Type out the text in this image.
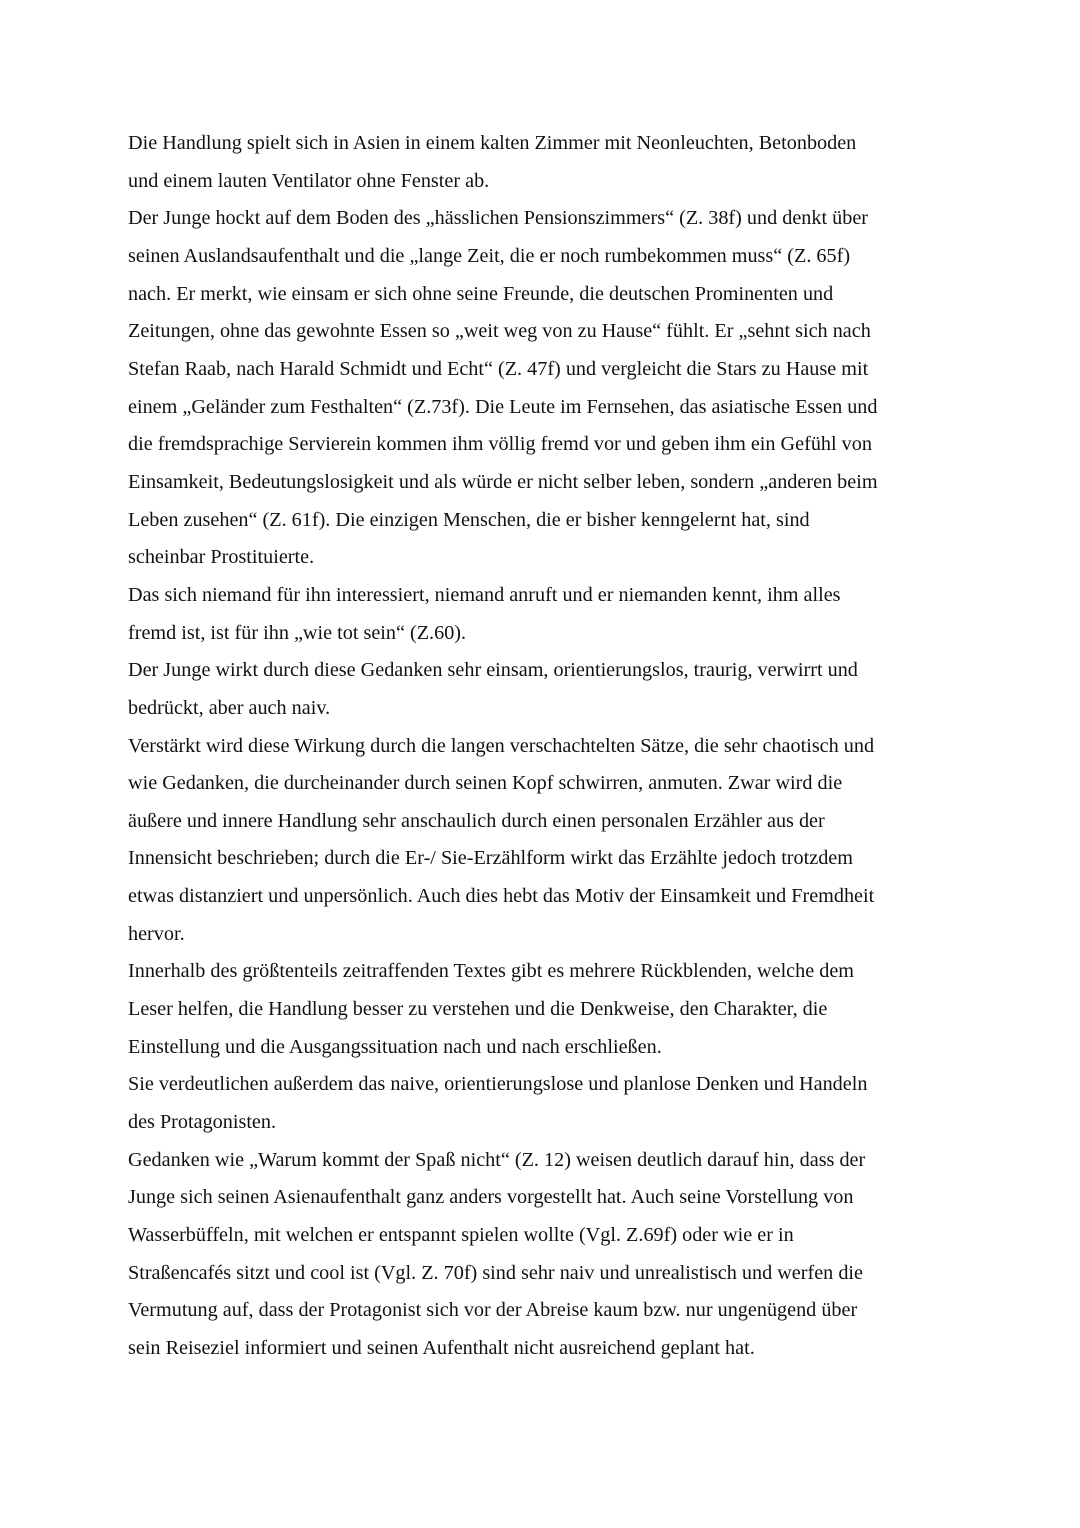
Die Handlung spielt sich in Asien in einem kalten Zimmer mit Neonleuchten, Betonboden
und einem lauten Ventilator ohne Fenster ab.
Der Junge hockt auf dem Boden des „hässlichen Pensionszimmers“ (Z. 38f) und denkt über
seinen Auslandsaufenthalt und die „lange Zeit, die er noch rumbekommen muss“ (Z. 65f)
nach. Er merkt, wie einsam er sich ohne seine Freunde, die deutschen Prominenten und
Zeitungen, ohne das gewohnte Essen so „weit weg von zu Hause“ fühlt. Er „sehnt sich nach
Stefan Raab, nach Harald Schmidt und Echt“ (Z. 47f) und vergleicht die Stars zu Hause mit
einem „Geländer zum Festhalten“ (Z.73f). Die Leute im Fernsehen, das asiatische Essen und
die fremdsprachige Servierein kommen ihm völlig fremd vor und geben ihm ein Gefühl von
Einsamkeit, Bedeutungslosigkeit und als würde er nicht selber leben, sondern „anderen beim
Leben zusehen“ (Z. 61f). Die einzigen Menschen, die er bisher kenngelernt hat, sind
scheinbar Prostituierte.
Das sich niemand für ihn interessiert, niemand anruft und er niemanden kennt, ihm alles
fremd ist, ist für ihn „wie tot sein“ (Z.60).
Der Junge wirkt durch diese Gedanken sehr einsam, orientierungslos, traurig, verwirrt und
bedrückt, aber auch naiv.
Verstärkt wird diese Wirkung durch die langen verschachtelten Sätze, die sehr chaotisch und
wie Gedanken, die durcheinander durch seinen Kopf schwirren, anmuten. Zwar wird die
äußere und innere Handlung sehr anschaulich durch einen personalen Erzähler aus der
Innensicht beschrieben; durch die Er-/ Sie-Erzählform wirkt das Erzählte jedoch trotzdem
etwas distanziert und unpersönlich. Auch dies hebt das Motiv der Einsamkeit und Fremdheit
hervor.
Innerhalb des größtenteils zeitraffenden Textes gibt es mehrere Rückblenden, welche dem
Leser helfen, die Handlung besser zu verstehen und die Denkweise, den Charakter, die
Einstellung und die Ausgangssituation nach und nach erschließen.
Sie verdeutlichen außerdem das naive, orientierungslose und planlose Denken und Handeln
des Protagonisten.
Gedanken wie „Warum kommt der Spaß nicht“ (Z. 12) weisen deutlich darauf hin, dass der
Junge sich seinen Asienaufenthalt ganz anders vorgestellt hat. Auch seine Vorstellung von
Wasserbüffeln, mit welchen er entspannt spielen wollte (Vgl. Z.69f) oder wie er in
Straßencafés sitzt und cool ist (Vgl. Z. 70f) sind sehr naiv und unrealistisch und werfen die
Vermutung auf, dass der Protagonist sich vor der Abreise kaum bzw. nur ungenügend über
sein Reiseziel informiert und seinen Aufenthalt nicht ausreichend geplant hat.
